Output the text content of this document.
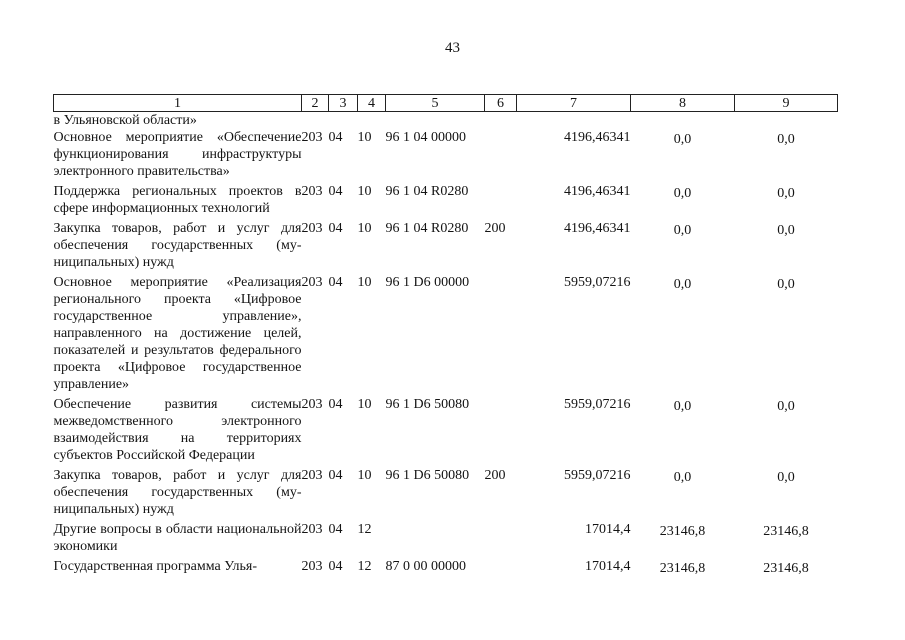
43
1	2	3	4	5	6	7	8	9
в Ульяновской области»								
Основное мероприятие «Обеспечение функционирования инфраструктуры электронного правительства»	203	04	10	96 1 04 00000		4196,46341	0,0	0,0
Поддержка региональных проектов в сфере информационных технологий	203	04	10	96 1 04 R0280		4196,46341	0,0	0,0
Закупка товаров, работ и услуг для обеспечения государственных (муниципальных) нужд	203	04	10	96 1 04 R0280	200	4196,46341	0,0	0,0
Основное мероприятие «Реализация регионального проекта «Цифровое государственное управление», направленного на достижение целей, показателей и результатов федерального проекта «Цифровое государственное управление»	203	04	10	96 1 D6 00000		5959,07216	0,0	0,0
Обеспечение развития системы межведомственного электронного взаимодействия на территориях субъектов Российской Федерации	203	04	10	96 1 D6 50080		5959,07216	0,0	0,0
Закупка товаров, работ и услуг для обеспечения государственных (муниципальных) нужд	203	04	10	96 1 D6 50080	200	5959,07216	0,0	0,0
Другие вопросы в области национальной экономики	203	04	12			17014,4	23146,8	23146,8
Государственная программа Улья-	203	04	12	87 0 00 00000		17014,4	23146,8	23146,8
